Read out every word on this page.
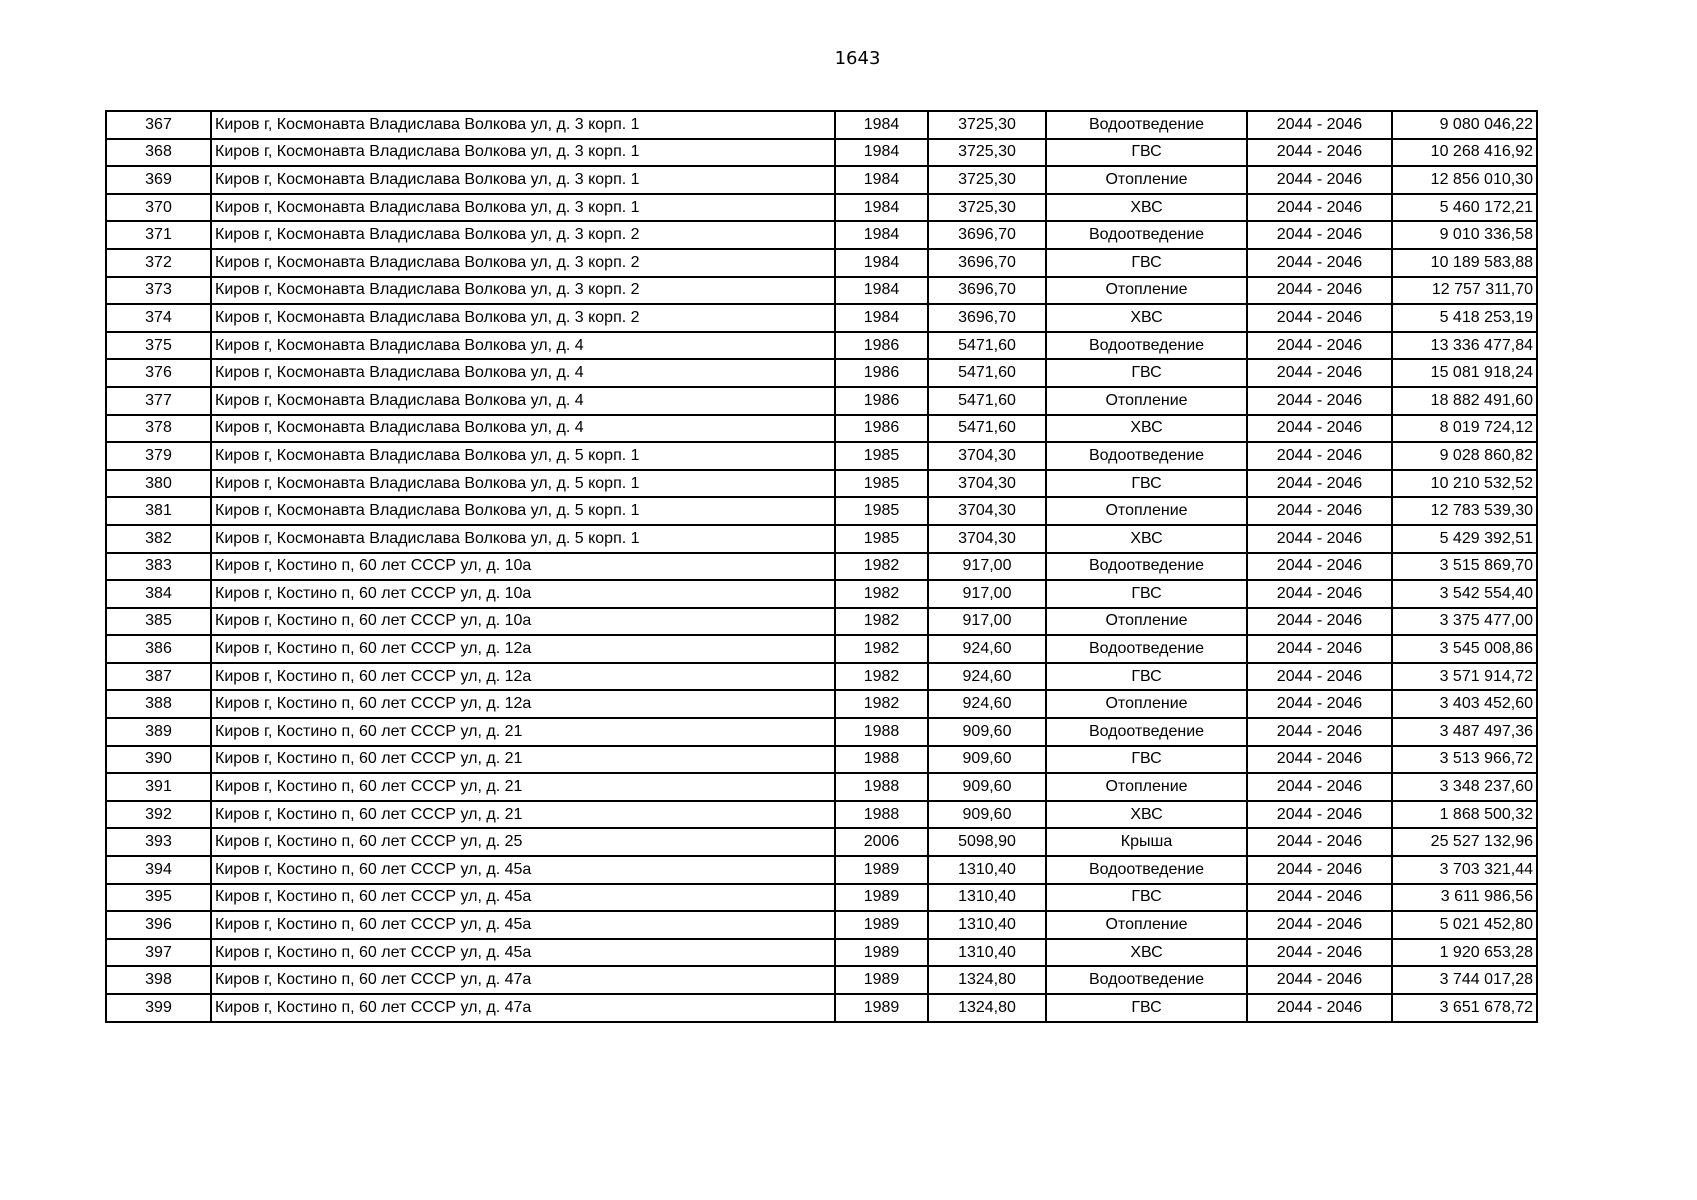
1643
367	Киров г, Космонавта Владислава Волкова ул, д. 3 корп. 1	1984	3725,30	Водоотведение	2044 - 2046	9 080 046,22
368	Киров г, Космонавта Владислава Волкова ул, д. 3 корп. 1	1984	3725,30	ГВС	2044 - 2046	10 268 416,92
369	Киров г, Космонавта Владислава Волкова ул, д. 3 корп. 1	1984	3725,30	Отопление	2044 - 2046	12 856 010,30
370	Киров г, Космонавта Владислава Волкова ул, д. 3 корп. 1	1984	3725,30	ХВС	2044 - 2046	5 460 172,21
371	Киров г, Космонавта Владислава Волкова ул, д. 3 корп. 2	1984	3696,70	Водоотведение	2044 - 2046	9 010 336,58
372	Киров г, Космонавта Владислава Волкова ул, д. 3 корп. 2	1984	3696,70	ГВС	2044 - 2046	10 189 583,88
373	Киров г, Космонавта Владислава Волкова ул, д. 3 корп. 2	1984	3696,70	Отопление	2044 - 2046	12 757 311,70
374	Киров г, Космонавта Владислава Волкова ул, д. 3 корп. 2	1984	3696,70	ХВС	2044 - 2046	5 418 253,19
375	Киров г, Космонавта Владислава Волкова ул, д. 4	1986	5471,60	Водоотведение	2044 - 2046	13 336 477,84
376	Киров г, Космонавта Владислава Волкова ул, д. 4	1986	5471,60	ГВС	2044 - 2046	15 081 918,24
377	Киров г, Космонавта Владислава Волкова ул, д. 4	1986	5471,60	Отопление	2044 - 2046	18 882 491,60
378	Киров г, Космонавта Владислава Волкова ул, д. 4	1986	5471,60	ХВС	2044 - 2046	8 019 724,12
379	Киров г, Космонавта Владислава Волкова ул, д. 5 корп. 1	1985	3704,30	Водоотведение	2044 - 2046	9 028 860,82
380	Киров г, Космонавта Владислава Волкова ул, д. 5 корп. 1	1985	3704,30	ГВС	2044 - 2046	10 210 532,52
381	Киров г, Космонавта Владислава Волкова ул, д. 5 корп. 1	1985	3704,30	Отопление	2044 - 2046	12 783 539,30
382	Киров г, Космонавта Владислава Волкова ул, д. 5 корп. 1	1985	3704,30	ХВС	2044 - 2046	5 429 392,51
383	Киров г, Костино п, 60 лет СССР ул, д. 10а	1982	917,00	Водоотведение	2044 - 2046	3 515 869,70
384	Киров г, Костино п, 60 лет СССР ул, д. 10а	1982	917,00	ГВС	2044 - 2046	3 542 554,40
385	Киров г, Костино п, 60 лет СССР ул, д. 10а	1982	917,00	Отопление	2044 - 2046	3 375 477,00
386	Киров г, Костино п, 60 лет СССР ул, д. 12а	1982	924,60	Водоотведение	2044 - 2046	3 545 008,86
387	Киров г, Костино п, 60 лет СССР ул, д. 12а	1982	924,60	ГВС	2044 - 2046	3 571 914,72
388	Киров г, Костино п, 60 лет СССР ул, д. 12а	1982	924,60	Отопление	2044 - 2046	3 403 452,60
389	Киров г, Костино п, 60 лет СССР ул, д. 21	1988	909,60	Водоотведение	2044 - 2046	3 487 497,36
390	Киров г, Костино п, 60 лет СССР ул, д. 21	1988	909,60	ГВС	2044 - 2046	3 513 966,72
391	Киров г, Костино п, 60 лет СССР ул, д. 21	1988	909,60	Отопление	2044 - 2046	3 348 237,60
392	Киров г, Костино п, 60 лет СССР ул, д. 21	1988	909,60	ХВС	2044 - 2046	1 868 500,32
393	Киров г, Костино п, 60 лет СССР ул, д. 25	2006	5098,90	Крыша	2044 - 2046	25 527 132,96
394	Киров г, Костино п, 60 лет СССР ул, д. 45а	1989	1310,40	Водоотведение	2044 - 2046	3 703 321,44
395	Киров г, Костино п, 60 лет СССР ул, д. 45а	1989	1310,40	ГВС	2044 - 2046	3 611 986,56
396	Киров г, Костино п, 60 лет СССР ул, д. 45а	1989	1310,40	Отопление	2044 - 2046	5 021 452,80
397	Киров г, Костино п, 60 лет СССР ул, д. 45а	1989	1310,40	ХВС	2044 - 2046	1 920 653,28
398	Киров г, Костино п, 60 лет СССР ул, д. 47а	1989	1324,80	Водоотведение	2044 - 2046	3 744 017,28
399	Киров г, Костино п, 60 лет СССР ул, д. 47а	1989	1324,80	ГВС	2044 - 2046	3 651 678,72
